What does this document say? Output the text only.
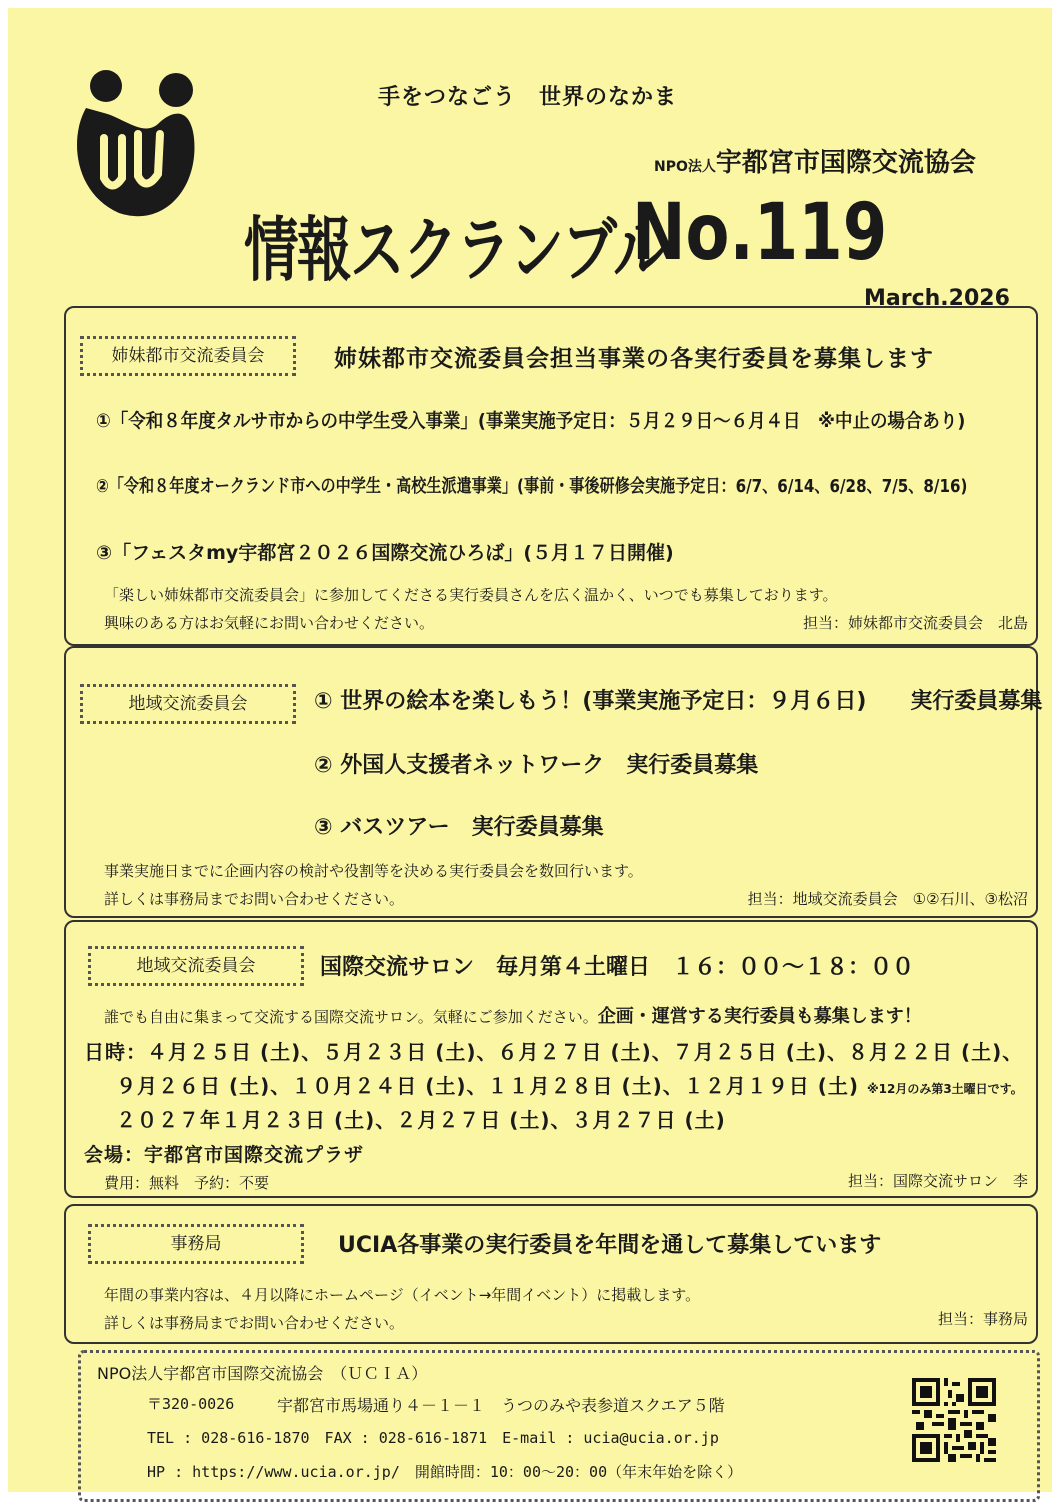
手をつなごう　世界のなかま
NPO法人宇都宮市国際交流協会
情報スクランブル
No.119
March.2026
姉妹都市交流委員会	姉妹都市交流委員会担当事業の各実行委員を募集します
①「令和８年度タルサ市からの中学生受入事業」(事業実施予定日：５月２９日～６月４日　※中止の場合あり)
②「令和８年度オークランド市への中学生・高校生派遣事業」(事前・事後研修会実施予定日：6/7、6/14、6/28、7/5、8/16)
③「フェスタmy宇都宮２０２６国際交流ひろば」(５月１７日開催)
「楽しい姉妹都市交流委員会」に参加してくださる実行委員さんを広く温かく、いつでも募集しております。
興味のある方はお気軽にお問い合わせください。	担当：姉妹都市交流委員会　北島
地域交流委員会	① 世界の絵本を楽しもう！(事業実施予定日：９月６日)　　実行委員募集
② 外国人支援者ネットワーク　実行委員募集
③ バスツアー　実行委員募集
事業実施日までに企画内容の検討や役割等を決める実行委員会を数回行います。
詳しくは事務局までお問い合わせください。	担当：地域交流委員会　①②石川、③松沼
地域交流委員会	国際交流サロン　毎月第４土曜日　１６：００～１８：００
誰でも自由に集まって交流する国際交流サロン。気軽にご参加ください。企画・運営する実行委員も募集します！
日時：４月２５日 (土)、５月２３日 (土)、６月２７日 (土)、７月２５日 (土)、８月２２日 (土)、
９月２６日 (土)、１０月２４日 (土)、１１月２８日 (土)、１２月１９日 (土) ※12月のみ第3土曜日です。
２０２７年１月２３日 (土)、２月２７日 (土)、３月２７日 (土)
会場：宇都宮市国際交流プラザ
費用：無料　予約：不要	担当：国際交流サロン　李
事務局	UCIA各事業の実行委員を年間を通して募集しています
年間の事業内容は、４月以降にホームページ（イベント→年間イベント）に掲載します。
詳しくは事務局までお問い合わせください。	担当：事務局
NPO法人宇都宮市国際交流協会　（ＵＣＩＡ）
〒320-0026	宇都宮市馬場通り４－１－１　うつのみや表参道スクエア５階
TEL : 028-616-1870　FAX : 028-616-1871　E-mail : ucia@ucia.or.jp
HP : https://www.ucia.or.jp/　開館時間：10：00～20：00（年末年始を除く）
